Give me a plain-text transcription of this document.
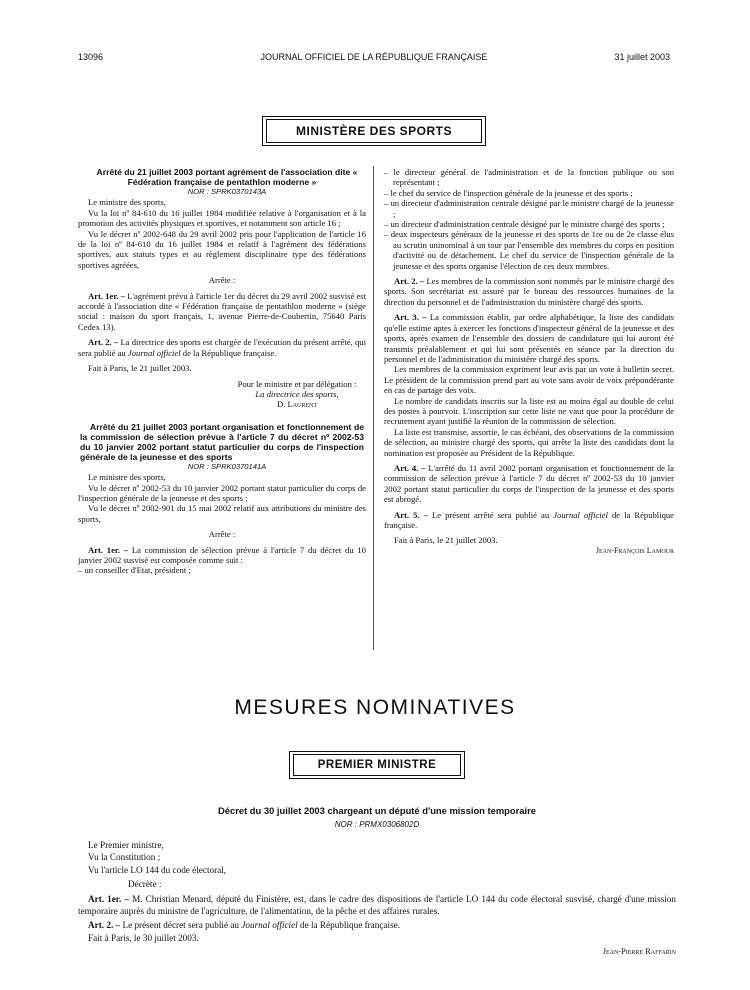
13096	JOURNAL OFFICIEL DE LA RÉPUBLIQUE FRANÇAISE	31 juillet 2003
MINISTÈRE DES SPORTS

Arrêté du 21 juillet 2003 portant agrément de l'association dite « Fédération française de pentathlon moderne »

NOR : SPRK0370143A

Le ministre des sports,

Vu la loi nº 84-610 du 16 juillet 1984 modifiée relative à l'organisation et à la promotion des activités physiques et sportives, et notamment son article 16 ;

Vu le décret nº 2002-648 du 29 avril 2002 pris pour l'application de l'article 16 de la loi nº 84-610 du 16 juillet 1984 et relatif à l'agrément des fédérations sportives, aux statuts types et au règlement disciplinaire type des fédérations sportives agréées,

Arrête :

Art. 1er. – L'agrément prévu à l'article 1er du décret du 29 avril 2002 susvisé est accordé à l'association dite « Fédération française de pentathlon moderne » (siège social : maison du sport français, 1, avenue Pierre-de-Coubertin, 75640 Paris Cedex 13).

Art. 2. – La directrice des sports est chargée de l'exécution du présent arrêté, qui sera publié au Journal officiel de la République française.

Fait à Paris, le 21 juillet 2003.

Pour le ministre et par délégation :

La directrice des sports,

D. Laurent

Arrêté du 21 juillet 2003 portant organisation et fonctionnement de la commission de sélection prévue à l'article 7 du décret nº 2002-53 du 10 janvier 2002 portant statut particulier du corps de l'inspection générale de la jeunesse et des sports

NOR : SPRK0370141A

Le ministre des sports,

Vu le décret nº 2002-53 du 10 janvier 2002 portant statut particulier du corps de l'inspection générale de la jeunesse et des sports ;

Vu le décret nº 2002-901 du 15 mai 2002 relatif aux attributions du ministre des sports,

Arrête :

Art. 1er. – La commission de sélection prévue à l'article 7 du décret du 10 janvier 2002 susvisé est composée comme suit :

– un conseiller d'Etat, président ;

– le directeur général de l'administration et de la fonction publique ou son représentant ;

– le chef du service de l'inspection générale de la jeunesse et des sports ;

– un directeur d'administration centrale désigné par le ministre chargé de la jeunesse ;

– un directeur d'administration centrale désigné par le ministre chargé des sports ;

– deux inspecteurs généraux de la jeunesse et des sports de 1re ou de 2e classe élus au scrutin uninominal à un tour par l'ensemble des membres du corps en position d'activité ou de détachement. Le chef du service de l'inspection générale de la jeunesse et des sports organise l'élection de ces deux membres.

Art. 2. – Les membres de la commission sont nommés par le ministre chargé des sports. Son secrétariat est assuré par le bureau des ressources humaines de la direction du personnel et de l'administration du ministère chargé des sports.

Art. 3. – La commission établit, par ordre alphabétique, la liste des candidats qu'elle estime aptes à exercer les fonctions d'inspecteur général de la jeunesse et des sports, après examen de l'ensemble des dossiers de candidature qui lui auront été transmis préalablement et qui lui sont présentés en séance par la direction du personnel et de l'administration du ministère chargé des sports.

Les membres de la commission expriment leur avis par un vote à bulletin secret. Le président de la commission prend part au vote sans avoir de voix prépondérante en cas de partage des voix.

Le nombre de candidats inscrits sur la liste est au moins égal au double de celui des postes à pourvoir. L'inscription sur cette liste ne vaut que pour la procédure de recrutement ayant justifié la réunion de la commission de sélection.

La liste est transmise, assortie, le cas échéant, des observations de la commission de sélection, au ministre chargé des sports, qui arrête la liste des candidats dont la nomination est proposée au Président de la République.

Art. 4. – L'arrêté du 11 avril 2002 portant organisation et fonctionnement de la commission de sélection prévue à l'article 7 du décret nº 2002-53 du 10 janvier 2002 portant statut particulier du corps de l'inspection de la jeunesse et des sports est abrogé.

Art. 5. – Le présent arrêté sera publié au Journal officiel de la République française.

Fait à Paris, le 21 juillet 2003.

Jean-François Lamour

MESURES NOMINATIVES
PREMIER MINISTRE

Décret du 30 juillet 2003 chargeant un député d'une mission temporaire

NOR : PRMX0306802D

Le Premier ministre,

Vu la Constitution ;

Vu l'article LO 144 du code électoral,

Décrète :

Art. 1er. – M. Christian Menard, député du Finistère, est, dans le cadre des dispositions de l'article LO 144 du code électoral susvisé, chargé d'une mission temporaire auprès du ministre de l'agriculture, de l'alimentation, de la pêche et des affaires rurales.

Art. 2. – Le présent décret sera publié au Journal officiel de la République française.

Fait à Paris, le 30 juillet 2003.

Jean-Pierre Raffarin
